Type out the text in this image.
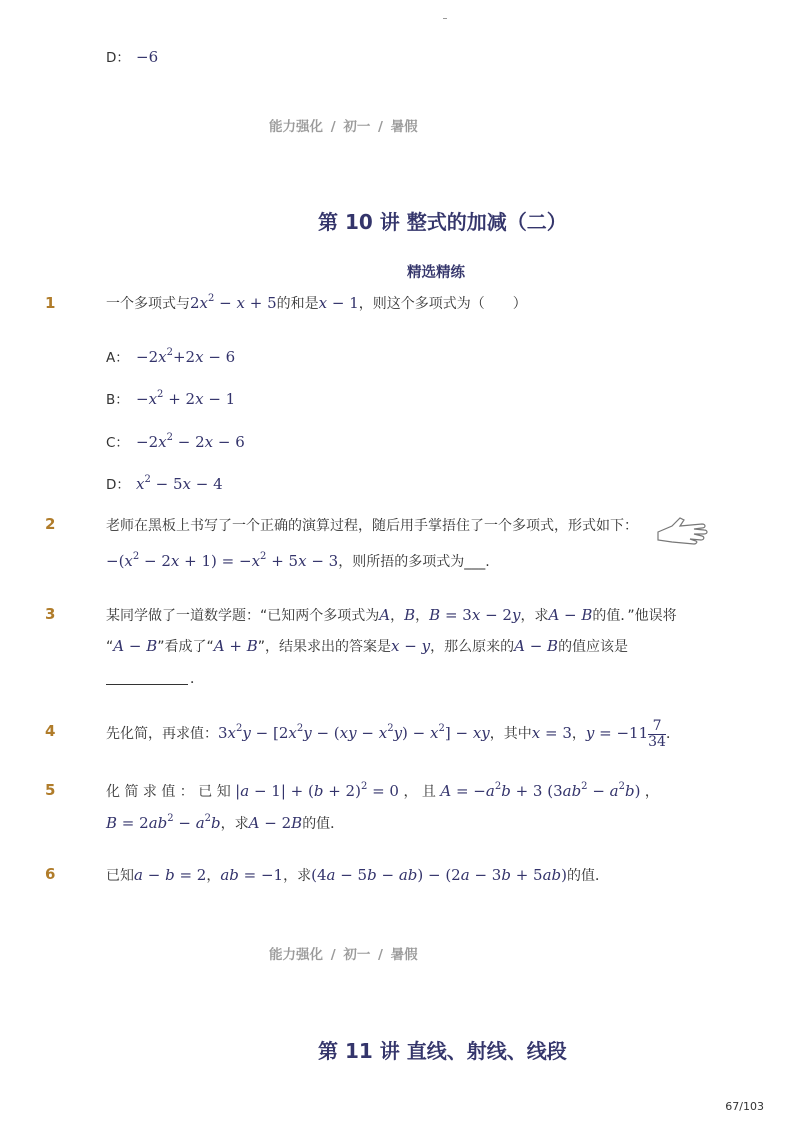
D： −6
能力强化 / 初一 / 暑假
第 10 讲 整式的加减（二）
精选精练
1	一个多项式与$2x^2 - x + 5$的和是x − 1，则这个多项式为（　　）
A： $-2x^2+2x - 6$
B： $-x^2 + 2x - 1$
C： $-2x^2 - 2x - 6$
D： $x^2 - 5x - 4$
2	老师在黑板上书写了一个正确的演算过程，随后用手掌捂住了一个多项式，形式如下：
$-(x^2 - 2x + 1) = -x^2 + 5x - 3$，则所捂的多项式为___.
3	某同学做了一道数学题：“已知两个多项式为A，B，B = 3x − 2y，求A − B的值．”他误将
“A − B”看成了“A + B”，结果求出的答案是x − y，那么原来的A − B的值应该是
．
4	先化简，再求值：$3x^2y - [2x^2y - (xy - x^2y) - x^2]$ − xy，其中x = 3，$y = -11 \frac{7}{34}$ ．
5	化 简 求 值 ： 已 知 $|a - 1| + (b + 2)^2 = 0$ ， 且 $A = -a^2b + 3$ $(3ab^2 - a^2b)$ ，
$B = 2ab^2 - a^2b$，求A − 2B的值．
6	已知a − b = 2，ab = −1，求(4a − 5b − ab) − (2a − 3b + 5ab)的值．
能力强化 / 初一 / 暑假
第 11 讲 直线、射线、线段
67/103
